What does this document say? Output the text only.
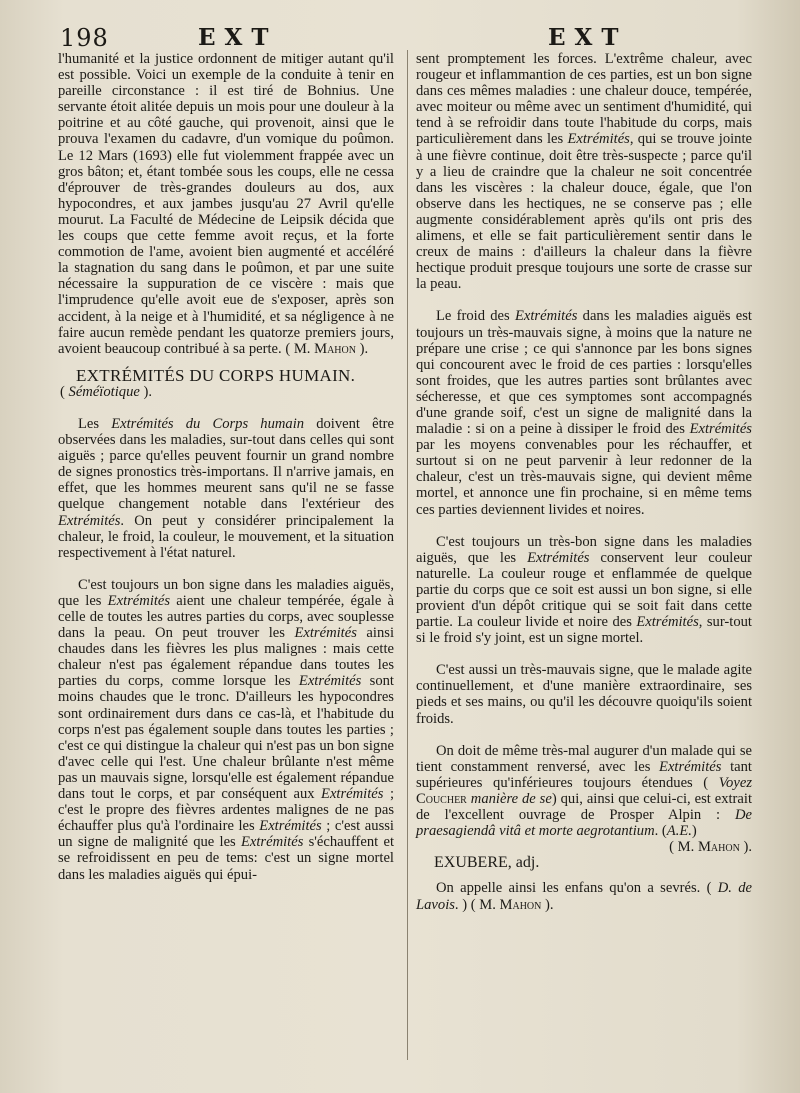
198	EXT	EXT

l'humanité et la justice ordonnent de mitiger autant qu'il est possible. Voici un exemple de la conduite à tenir en pareille circonstance : il est tiré de Bohnius. Une servante étoit alitée depuis un mois pour une douleur à la poitrine et au côté gauche, qui provenoit, ainsi que le prouva l'examen du cadavre, d'un vomique du poûmon. Le 12 Mars (1693) elle fut violemment frappée avec un gros bâton; et, étant tombée sous les coups, elle ne cessa d'éprouver de très-grandes douleurs au dos, aux hypocondres, et aux jambes jusqu'au 27 Avril qu'elle mourut. La Faculté de Médecine de Leipsik décida que les coups que cette femme avoit reçus, et la forte commotion de l'ame, avoient bien augmenté et accéléré la stagnation du sang dans le poûmon, et par une suite nécessaire la suppuration de ce viscère : mais que l'imprudence qu'elle avoit eue de s'exposer, après son accident, à la neige et à l'humidité, et sa négligence à ne faire aucun remède pendant les quatorze premiers jours, avoient beaucoup contribué à sa perte. ( M. Mahon ).

EXTRÉMITÉS DU CORPS HUMAIN.
( Séméïotique ).

Les Extrémités du Corps humain doivent être observées dans les maladies, sur-tout dans celles qui sont aiguës ; parce qu'elles peuvent fournir un grand nombre de signes pronostics très-importans. Il n'arrive jamais, en effet, que les hommes meurent sans qu'il ne se fasse quelque changement notable dans l'extérieur des Extrémités. On peut y considérer principalement la chaleur, le froid, la couleur, le mouvement, et la situation respectivement à l'état naturel.

C'est toujours un bon signe dans les maladies aiguës, que les Extrémités aient une chaleur tempérée, égale à celle de toutes les autres parties du corps, avec souplesse dans la peau. On peut trouver les Extrémités ainsi chaudes dans les fièvres les plus malignes : mais cette chaleur n'est pas également répandue dans toutes les parties du corps, comme lorsque les Extrémités sont moins chaudes que le tronc. D'ailleurs les hypocondres sont ordinairement durs dans ce cas-là, et l'habitude du corps n'est pas également souple dans toutes les parties ; c'est ce qui distingue la chaleur qui n'est pas un bon signe d'avec celle qui l'est. Une chaleur brûlante n'est même pas un mauvais signe, lorsqu'elle est également répandue dans tout le corps, et par conséquent aux Extrémités ; c'est le propre des fièvres ardentes malignes de ne pas échauffer plus qu'à l'ordinaire les Extrémités ; c'est aussi un signe de malignité que les Extrémités s'échauffent et se refroidissent en peu de tems: c'est un signe mortel dans les maladies aiguës qui épui-

sent promptement les forces. L'extrême chaleur, avec rougeur et inflammantion de ces parties, est un bon signe dans ces mêmes maladies : une chaleur douce, tempérée, avec moiteur ou même avec un sentiment d'humidité, qui tend à se refroidir dans toute l'habitude du corps, mais particulièrement dans les Extrémités, qui se trouve jointe à une fièvre continue, doit être très-suspecte ; parce qu'il y a lieu de craindre que la chaleur ne soit concentrée dans les viscères : la chaleur douce, égale, que l'on observe dans les hectiques, ne se conserve pas ; elle augmente considérablement après qu'ils ont pris des alimens, et elle se fait particulièrement sentir dans le creux de mains : d'ailleurs la chaleur dans la fièvre hectique produit presque toujours une sorte de crasse sur la peau.

Le froid des Extrémités dans les maladies aiguës est toujours un très-mauvais signe, à moins que la nature ne prépare une crise ; ce qui s'annonce par les bons signes qui concourent avec le froid de ces parties : lorsqu'elles sont froides, que les autres parties sont brûlantes avec sécheresse, et que ces symptomes sont accompagnés d'une grande soif, c'est un signe de malignité dans la maladie : si on a peine à dissiper le froid des Extrémités par les moyens convenables pour les réchauffer, et surtout si on ne peut parvenir à leur redonner de la chaleur, c'est un très-mauvais signe, qui devient même mortel, et annonce une fin prochaine, si en même tems ces parties deviennent livides et noires.

C'est toujours un très-bon signe dans les maladies aiguës, que les Extrémités conservent leur couleur naturelle. La couleur rouge et enflammée de quelque partie du corps que ce soit est aussi un bon signe, si elle provient d'un dépôt critique qui se soit fait dans cette partie. La couleur livide et noire des Extrémités, sur-tout si le froid s'y joint, est un signe mortel.

C'est aussi un très-mauvais signe, que le malade agite continuellement, et d'une manière extraordinaire, ses pieds et ses mains, ou qu'il les découvre quoiqu'ils soient froids.

On doit de même très-mal augurer d'un malade qui se tient constamment renversé, avec les Extrémités tant supérieures qu'inférieures toujours étendues ( Voyez Coucher manière de se) qui, ainsi que celui-ci, est extrait de l'excellent ouvrage de Prosper Alpin : De praesagiendâ vitâ et morte aegrotantium. (A.E.)

( M. Mahon ).

EXUBERE, adj.

On appelle ainsi les enfans qu'on a sevrés. ( D. de Lavois. ) ( M. Mahon ).
